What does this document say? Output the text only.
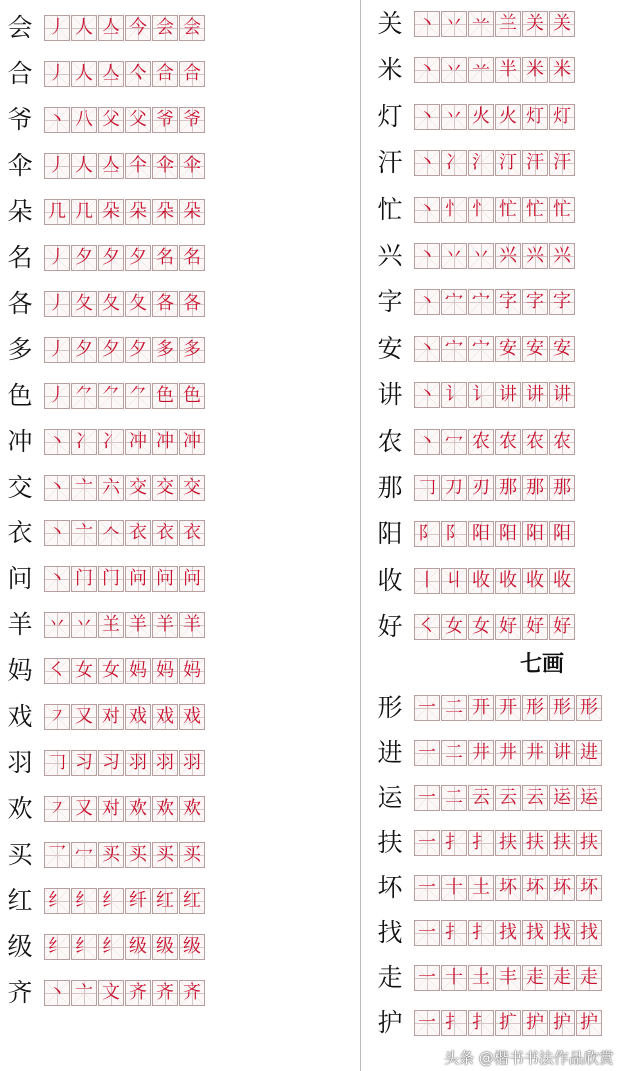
会 丿 人 亼 今 会 会
合 丿 人 亼 亽 合 合
爷 丶 八 父 父 爷 爷
伞 丿 人 亼 仐 伞 伞
朵 几 几 朵 朵 朵 朵
名 丿 夕 夕 夕 名 名
各 丿 夂 夂 夂 各 各
多 丿 夕 夕 夕 多 多
色 丿 ⺈ ⺈ ⺈ 色 色
冲 丶 冫 冫 冲 冲 冲
交 丶 亠 六 交 交 交
衣 丶 亠 𠆢 衣 衣 衣
问 丶 门 门 问 问 问
羊 丷 丷 𦍌 羊 羊 羊
妈 ㇛ 女 女 妈 妈 妈
戏 ㇇ 又 对 戏 戏 戏
羽 𠃌 习 习 羽 羽 羽
欢 ㇇ 又 对 欢 欢 欢
买 乛 冖 买 买 买 买
红 纟 纟 纟 纤 红 红
级 纟 纟 纟 级 级 级
齐 丶 亠 文 齐 齐 齐
关 丶 丷 䒑 兰 关 关
米 丶 丷 䒑 半 米 米
灯 丶 丷 火 火 灯 灯
汗 丶 冫 氵 汀 汗 汗
忙 丶 忄 忄 忙 忙 忙
兴 丶 丷 丷 兴 兴 兴
字 丶 宀 宀 字 字 字
安 丶 宀 宀 安 安 安
讲 丶 讠 讠 讲 讲 讲
农 丶 冖 农 农 农 农
那 𠃌 刀 刃 那 那 那
阳 阝 阝 阳 阳 阳 阳
收 丨 丩 收 收 收 收
好 ㇛ 女 女 好 好 好
形 一 二 开 开 形 形 形
进 一 二 井 井 井 讲 进
运 一 二 云 云 云 运 运
扶 一 扌 扌 扶 扶 扶 扶
坏 一 十 土 坏 坏 坏 坏
找 一 扌 扌 找 找 找 找
走 一 十 土 丰 走 走 走
护 一 扌 扌 扩 护 护 护
七画
头条 @楷书书法作品欣赏
